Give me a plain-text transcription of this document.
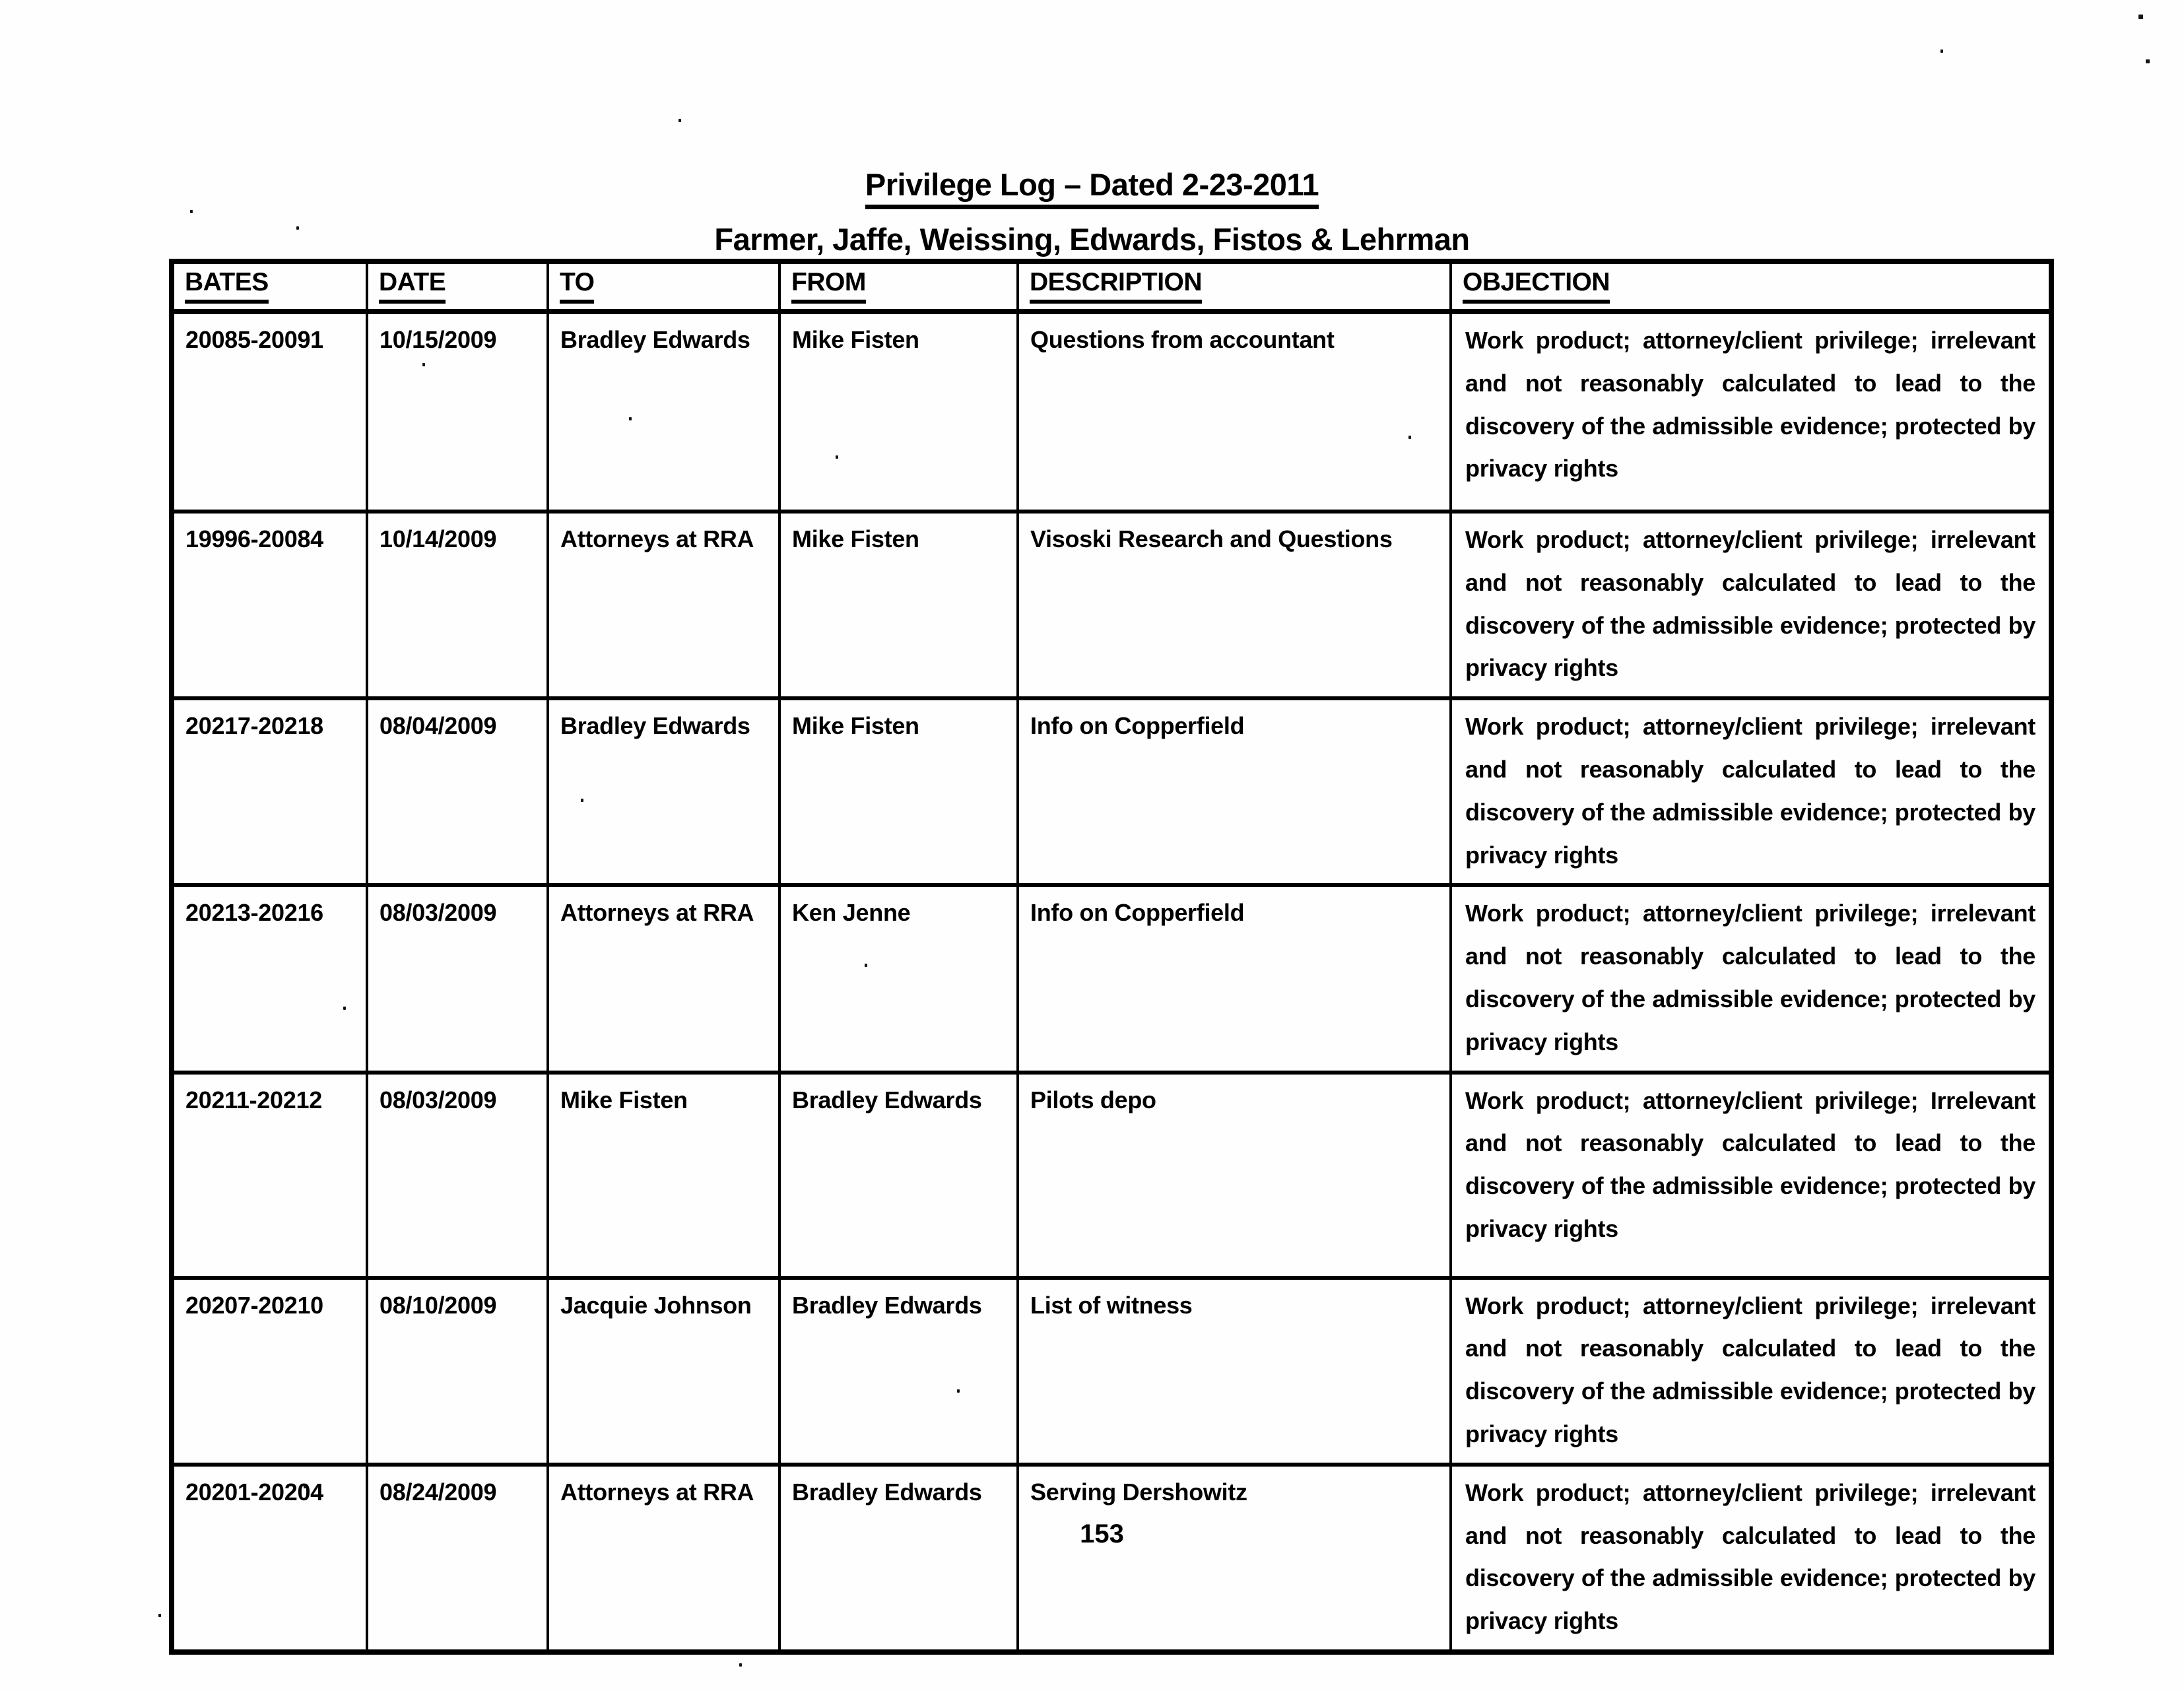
Privilege Log – Dated 2-23-2011
Farmer, Jaffe, Weissing, Edwards, Fistos & Lehrman
BATES	DATE	TO	FROM	DESCRIPTION	OBJECTION
20085-20091	10/15/2009	Bradley Edwards	Mike Fisten	Questions from accountant	Work product; attorney/client privilege; irrelevant and not reasonably calculated to lead to the discovery of the admissible evidence; protected by privacy rights
19996-20084	10/14/2009	Attorneys at RRA	Mike Fisten	Visoski Research and Questions	Work product; attorney/client privilege; irrelevant and not reasonably calculated to lead to the discovery of the admissible evidence; protected by privacy rights
20217-20218	08/04/2009	Bradley Edwards	Mike Fisten	Info on Copperfield	Work product; attorney/client privilege; irrelevant and not reasonably calculated to lead to the discovery of the admissible evidence; protected by privacy rights
20213-20216	08/03/2009	Attorneys at RRA	Ken Jenne	Info on Copperfield	Work product; attorney/client privilege; irrelevant and not reasonably calculated to lead to the discovery of the admissible evidence; protected by privacy rights
20211-20212	08/03/2009	Mike Fisten	Bradley Edwards	Pilots depo	Work product; attorney/client privilege; Irrelevant and not reasonably calculated to lead to the discovery of the admissible evidence; protected by privacy rights
20207-20210	08/10/2009	Jacquie Johnson	Bradley Edwards	List of witness	Work product; attorney/client privilege; irrelevant and not reasonably calculated to lead to the discovery of the admissible evidence; protected by privacy rights
20201-20204	08/24/2009	Attorneys at RRA	Bradley Edwards	Serving Dershowitz	Work product; attorney/client privilege; irrelevant and not reasonably calculated to lead to the discovery of the admissible evidence; protected by privacy rights
153
